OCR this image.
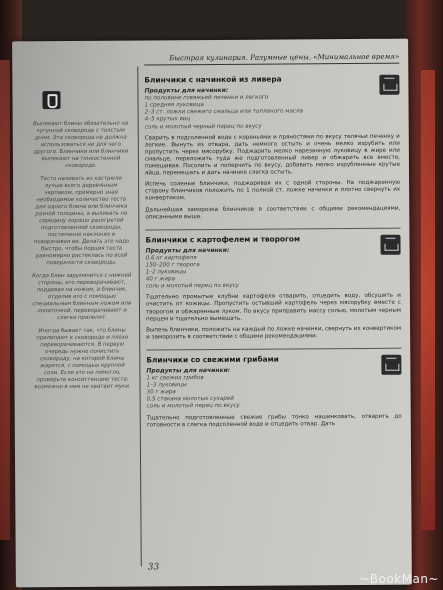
Быстрая кулинария. Разумные цены. «Минимальное время»

Выпекают блины обязательно на чугунной сковороде с толстым дном. Эта сковорода не должна использоваться ни для чего другого. Блинчики или блинчики выпекают на тонкостенной сковороде.

Тесто наливать из кастрюли лучше всего деревянным черпаком, примерно зная необходимое количество теста для одного блина или блинчика разной толщины, а выливать на середину хорошо разогретой подготовленной сковороды, постепенно наклоняя и поворачивая ее. Делать это надо быстро, чтобы порция теста равномерно растеклась по всей поверхности сковороды.

Когда блин зарумянится с нижней стороны, его переворачивают, поддевая на ножом, а блинчик, отделив его с помощью специальным блинным ножом или лопаточкой, переворачивают и слегка прилепят.

Иногда бывает так, что блины прилипают к сковороде и плохо переворачиваются. В первую очередь нужно почистить сковороду, на которой блины жарятся, с помощью крупной соли. Если это не помогло, проверьте консистенцию теста: возможно в нем не хватает муки.

Блинчики с начинкой из ливера
Продукты для начинки:
по половине говяжьей печенки и легкого
1 средняя луковица
2–3 ст. ложки свежего смальца или топленого масла
4–5 крутых яиц
соль и молотый черный перец по вкусу

Сварить в подсоленной воде с кореньями и пряностями по вкусу телячьи печенку и легкие. Вынуть из отвара, дать немного остыть и очень мелко изрубить или пропустить через мясорубку. Поджарить мелко нарезанную луковицу в жире или смальце, переложить туда же подготовленный ливер и обжарить все вместе, помешивая. Посолить и поперчить по вкусу, добавить мелко изрубленные крутые яйца, перемешать и дать начинке слегка остыть.

Испечь соленые блинчики, поджаривая их с одной стороны. На поджаренную сторону блинчиков положить по 1 полной ст. ложке начинки и плотно свернуть их конвертиком.

Дальнейшая заморозка блинчиков в соответствии с общими рекомендациями, описанными выше.

Блинчики с картофелем и творогом
Продукты для начинки:
0,6 кг картофеля
150–200 г творога
1–2 луковицы
40 г жира
соль и молотый перец по вкусу

Тщательно промытые клубни картофеля отварить, отцедить воду, обсушить и очистить от кожицы. Пропустить остывший картофель через мясорубку вместе с творогом и обжаренным луком. По вкусу приправить массу солью, молотым черным перцем и тщательно вымешать.

Выпечь блинчики, положить на каждый по ложке начинки, свернуть их конвертиком и заморозить в соответствии с общими рекомендациями.

Блинчики со свежими грибами
Продукты для начинки:
1 кг свежих грибов
1–3 луковицы
30 г жира
0,5 стакана молотых сухарей
соль и молотый перец по вкусу

Тщательно подготовленные свежие грибы тонко нашинковать, отварить до готовности в слегка подсоленной воде и отцедить отвар. Дать

33
~BookMan~
